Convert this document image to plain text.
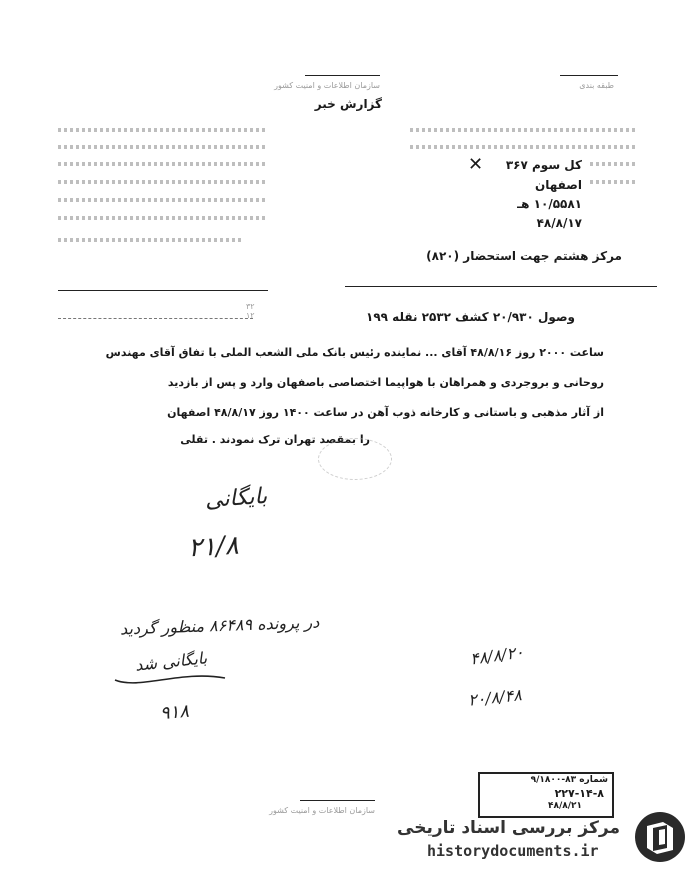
سازمان اطلاعات و امنیت کشور
گزارش خبر
طبقه بندی
✕ کل سوم ۳۶۷
اصفهان
۱۰/۵۵۸۱ هـ
۴۸/۸/۱۷
مرکز هشتم جهت استحضار (۸۲۰)
٣٢
١٢	وصول ۲۰/۹۳۰ کشف ۲۵۳۲ نقله ۱۹۹
ساعت ۲۰۰۰ روز ۴۸/۸/۱۶ آقای ... نماینده رئیس بانک ملی الشعب الملی با تفاق آقای مهندس
روحانی و بروجردی و همراهان با هواپیما اختصاصی باصفهان وارد و پس از بازدید
از آثار مذهبی و باستانی و کارخانه ذوب آهن در ساعت ۱۴۰۰ روز ۴۸/۸/۱۷ اصفهان
را بمقصد تهران ترک نمودند . تقلی
بایگانی
۲۱/۸
در پرونده ۸۶۴۸۹ منظور گردید
بایگانی شد
۹۱۸
۴۸/۸/۲۰
۲۰/۸/۴۸
شماره ۸۳-۹/۱۸۰۰
۲۲۷-۱۴-۸
۴۸/۸/۲۱
سازمان اطلاعات و امنیت کشور
مرکز بررسی اسناد تاریخی
historydocuments.ir
